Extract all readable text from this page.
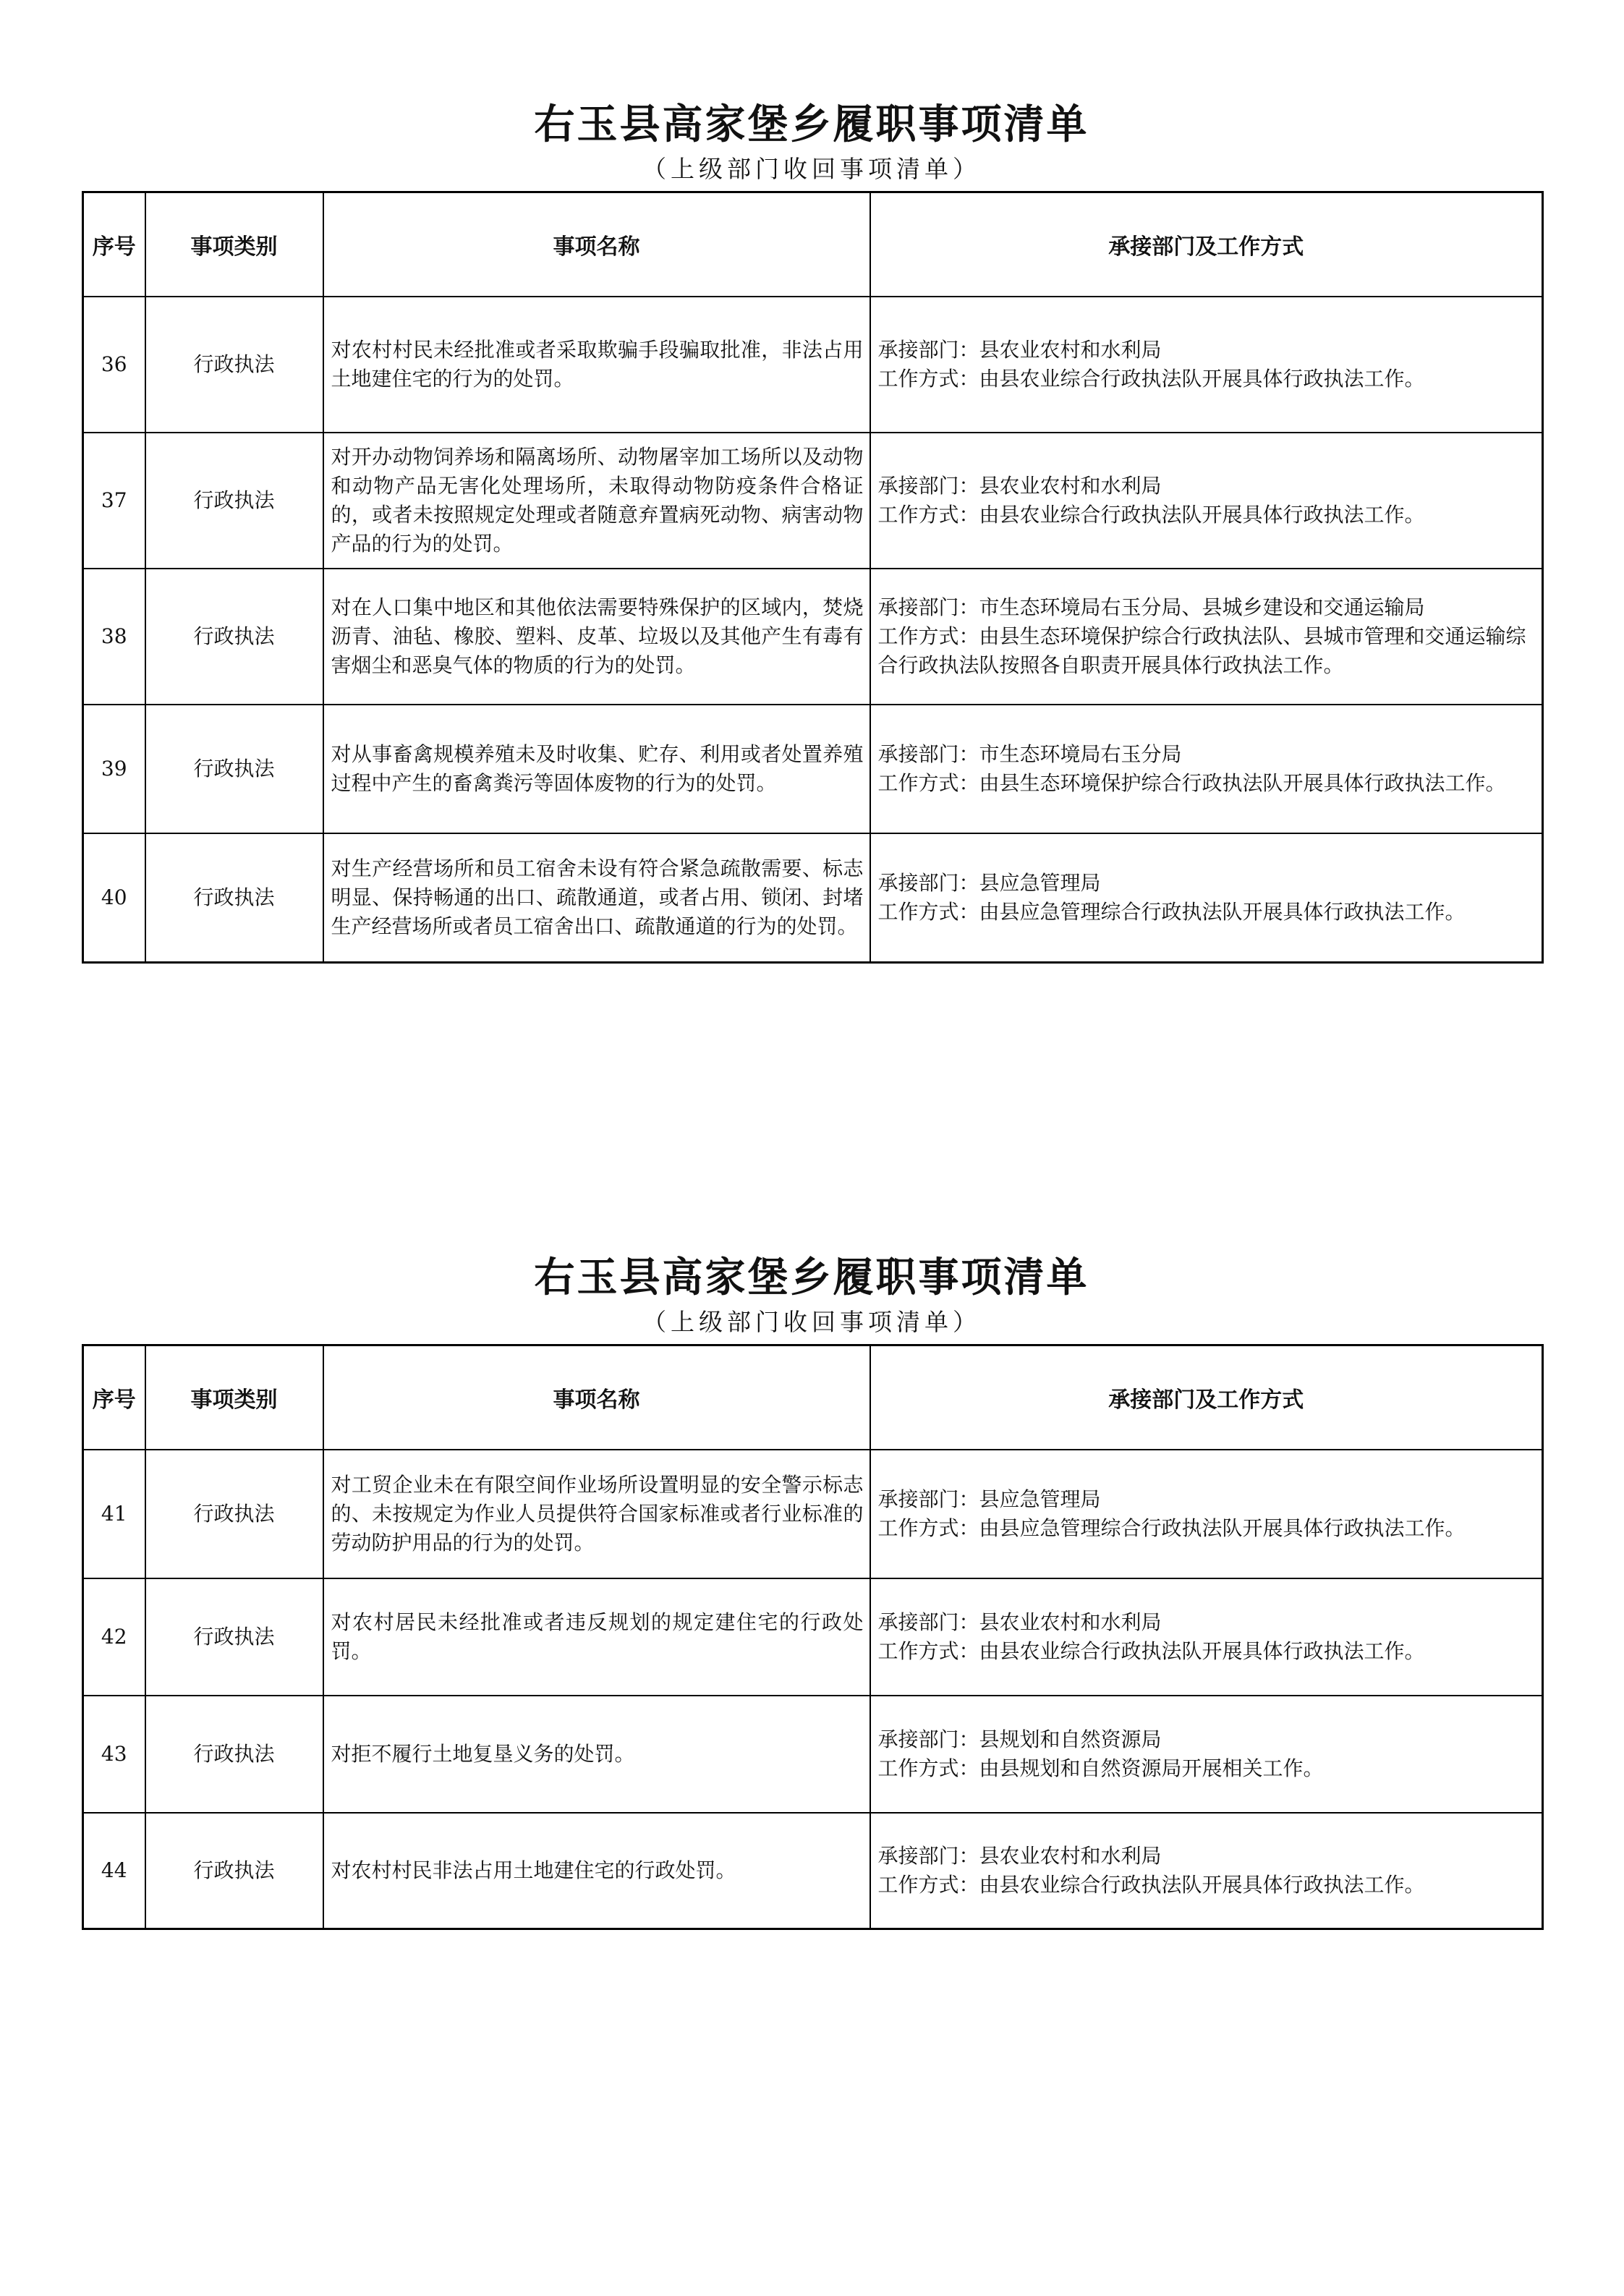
右玉县高家堡乡履职事项清单
（上级部门收回事项清单）
序号	事项类别	事项名称	承接部门及工作方式
36	行政执法	对农村村民未经批准或者采取欺骗手段骗取批准，非法占用土地建住宅的行为的处罚。	承接部门：县农业农村和水利局
工作方式：由县农业综合行政执法队开展具体行政执法工作。

37	行政执法	对开办动物饲养场和隔离场所、动物屠宰加工场所以及动物和动物产品无害化处理场所，未取得动物防疫条件合格证的，或者未按照规定处理或者随意弃置病死动物、病害动物产品的行为的处罚。	承接部门：县农业农村和水利局
工作方式：由县农业综合行政执法队开展具体行政执法工作。

38	行政执法	对在人口集中地区和其他依法需要特殊保护的区域内，焚烧沥青、油毡、橡胶、塑料、皮革、垃圾以及其他产生有毒有害烟尘和恶臭气体的物质的行为的处罚。	承接部门：市生态环境局右玉分局、县城乡建设和交通运输局
工作方式：由县生态环境保护综合行政执法队、县城市管理和交通运输综合行政执法队按照各自职责开展具体行政执法工作。

39	行政执法	对从事畜禽规模养殖未及时收集、贮存、利用或者处置养殖过程中产生的畜禽粪污等固体废物的行为的处罚。	承接部门：市生态环境局右玉分局
工作方式：由县生态环境保护综合行政执法队开展具体行政执法工作。

40	行政执法	对生产经营场所和员工宿舍未设有符合紧急疏散需要、标志明显、保持畅通的出口、疏散通道，或者占用、锁闭、封堵生产经营场所或者员工宿舍出口、疏散通道的行为的处罚。	承接部门：县应急管理局
工作方式：由县应急管理综合行政执法队开展具体行政执法工作。
右玉县高家堡乡履职事项清单
（上级部门收回事项清单）
序号	事项类别	事项名称	承接部门及工作方式
41	行政执法	对工贸企业未在有限空间作业场所设置明显的安全警示标志的、未按规定为作业人员提供符合国家标准或者行业标准的劳动防护用品的行为的处罚。	承接部门：县应急管理局
工作方式：由县应急管理综合行政执法队开展具体行政执法工作。

42	行政执法	对农村居民未经批准或者违反规划的规定建住宅的行政处罚。	承接部门：县农业农村和水利局
工作方式：由县农业综合行政执法队开展具体行政执法工作。

43	行政执法	对拒不履行土地复垦义务的处罚。	承接部门：县规划和自然资源局
工作方式：由县规划和自然资源局开展相关工作。

44	行政执法	对农村村民非法占用土地建住宅的行政处罚。	承接部门：县农业农村和水利局
工作方式：由县农业综合行政执法队开展具体行政执法工作。
